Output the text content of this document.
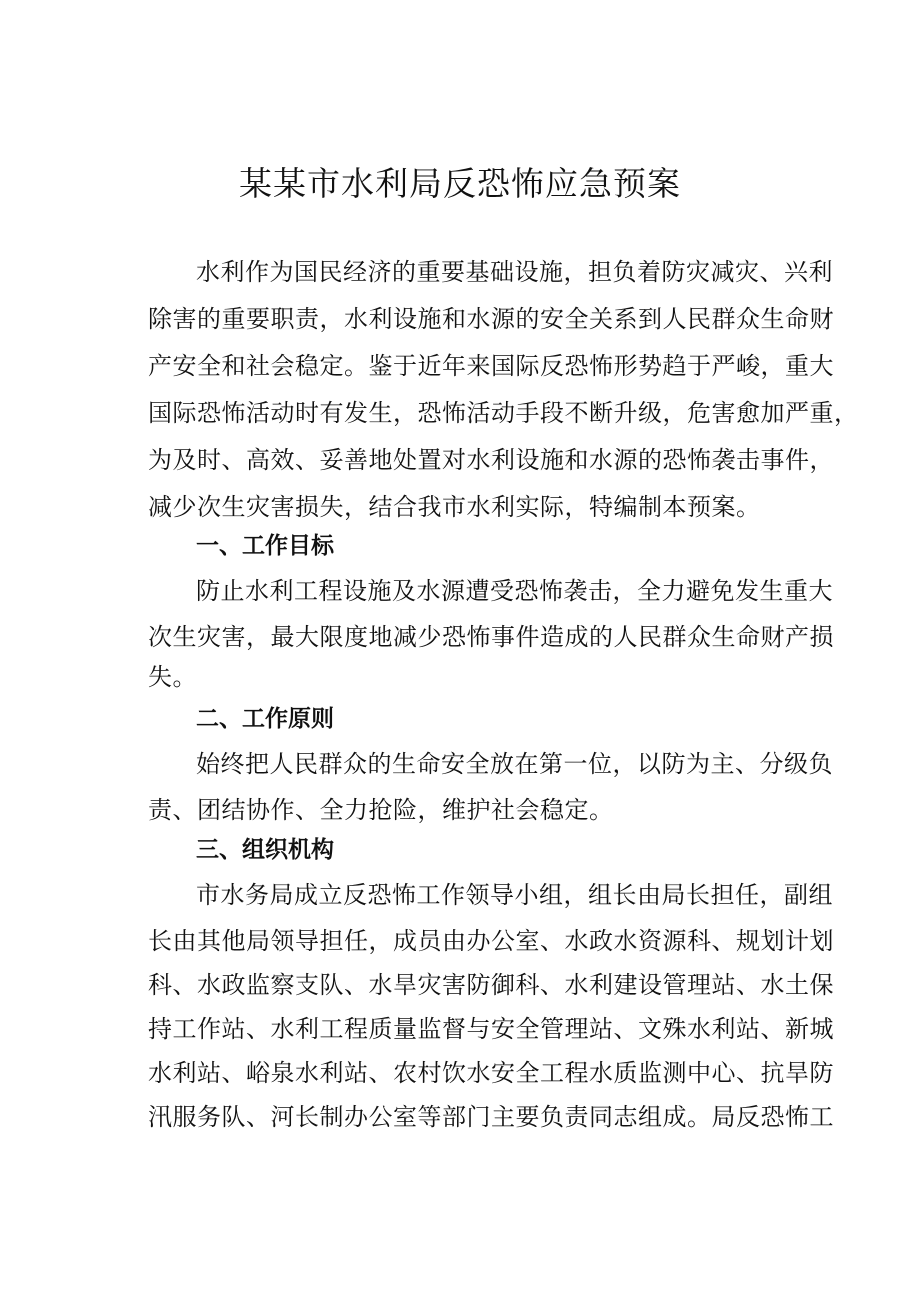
某某市水利局反恐怖应急预案
水利作为国民经济的重要基础设施，担负着防灾减灾、兴利
除害的重要职责，水利设施和水源的安全关系到人民群众生命财
产安全和社会稳定。鉴于近年来国际反恐怖形势趋于严峻，重大
国际恐怖活动时有发生，恐怖活动手段不断升级，危害愈加严重，
为及时、高效、妥善地处置对水利设施和水源的恐怖袭击事件，
减少次生灾害损失，结合我市水利实际，特编制本预案。
一、工作目标
防止水利工程设施及水源遭受恐怖袭击，全力避免发生重大
次生灾害，最大限度地减少恐怖事件造成的人民群众生命财产损
失。
二、工作原则
始终把人民群众的生命安全放在第一位，以防为主、分级负
责、团结协作、全力抢险，维护社会稳定。
三、组织机构
市水务局成立反恐怖工作领导小组，组长由局长担任，副组
长由其他局领导担任，成员由办公室、水政水资源科、规划计划
科、水政监察支队、水旱灾害防御科、水利建设管理站、水土保
持工作站、水利工程质量监督与安全管理站、文殊水利站、新城
水利站、峪泉水利站、农村饮水安全工程水质监测中心、抗旱防
汛服务队、河长制办公室等部门主要负责同志组成。局反恐怖工
